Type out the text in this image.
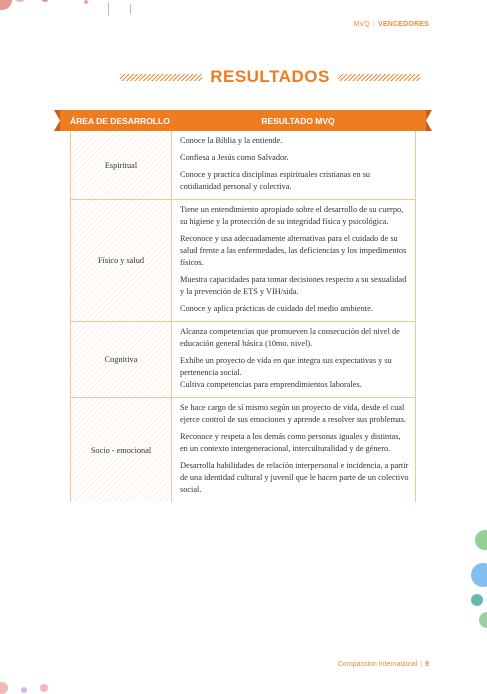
MVQ | VENCEDORES
RESULTADOS
ÁREA DE DESARROLLO	RESULTADO MVQ
Espiritual

Conoce la Biblia y la entiende.

Confiesa a Jesús como Salvador.

Conoce y practica disciplinas espirituales cristianas en su cotidianidad personal y colectiva.

Físico y salud

Tiene un entendimiento apropiado sobre el desarrollo de su cuerpo, su higiene y la protección de su integridad física y psicológica.

Reconoce y usa adecuadamente alternativas para el cuidado de su salud frente a las enfermedades, las deficiencias y los impedimentos físicos.

Muestra capacidades para tomar decisiones respecto a su sexualidad y la prevención de ETS y VIH/sida.

Conoce y aplica prácticas de cuidado del medio ambiente.

Cognitiva

Alcanza competencias que promueven la consecución del nivel de educación general básica (10mo. nivel).

Exhibe un proyecto de vida en que integra sus expectativas y su pertenencia social.

Cultiva competencias para emprendimientos laborales.

Socio - emocional

Se hace cargo de sí mismo según un proyecto de vida, desde el cual ejerce control de sus emociones y aprende a resolver sus problemas.

Reconoce y respeta a los demás como personas iguales y distintas, en un contexto intergeneracional, interculturalidad y de género.

Desarrolla habilidades de relación interpersonal e incidencia, a partir de una identidad cultural y juvenil que le hacen parte de un colectivo social.

Compassion International | 9
